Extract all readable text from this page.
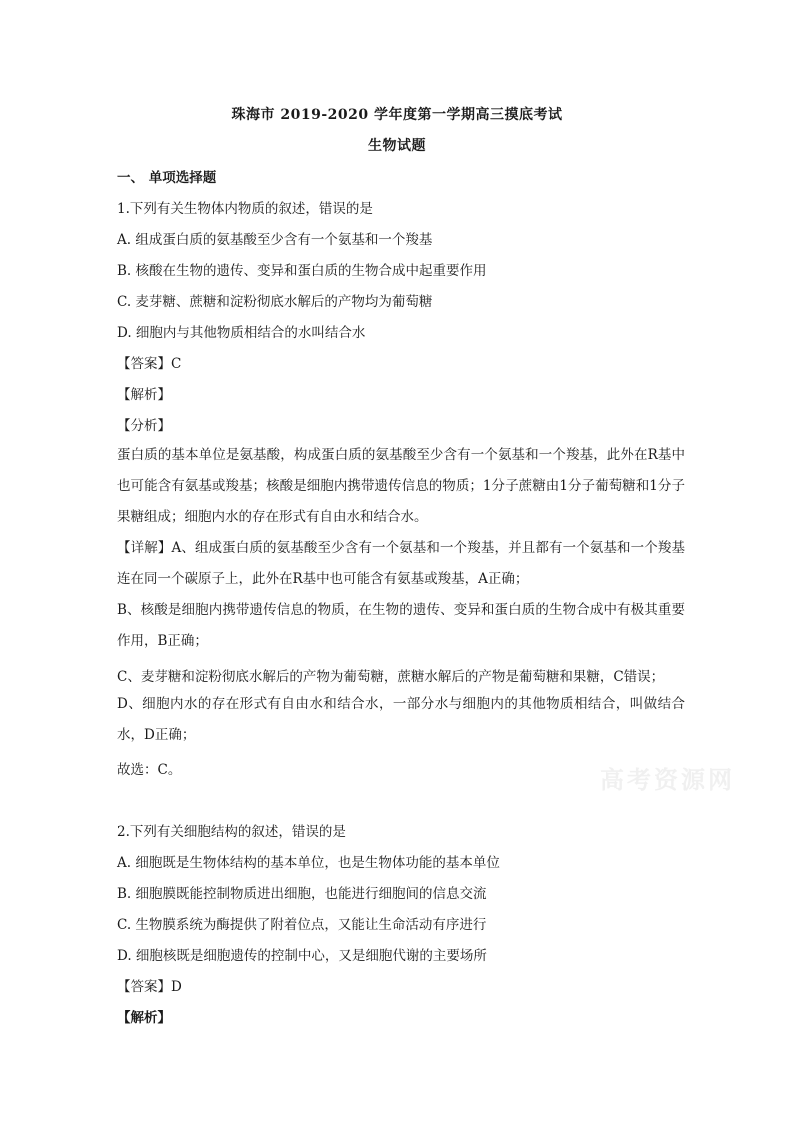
珠海市 2019-2020 学年度第一学期高三摸底考试
生物试题
一、 单项选择题
1.下列有关生物体内物质的叙述，错误的是
A. 组成蛋白质的氨基酸至少含有一个氨基和一个羧基
B. 核酸在生物的遗传、变异和蛋白质的生物合成中起重要作用
C. 麦芽糖、蔗糖和淀粉彻底水解后的产物均为葡萄糖
D. 细胞内与其他物质相结合的水叫结合水
【答案】C
【解析】
【分析】
蛋白质的基本单位是氨基酸，构成蛋白质的氨基酸至少含有一个氨基和一个羧基，此外在R基中也可能含有氨基或羧基；核酸是细胞内携带遗传信息的物质；1分子蔗糖由1分子葡萄糖和1分子果糖组成；细胞内水的存在形式有自由水和结合水。
【详解】A、组成蛋白质的氨基酸至少含有一个氨基和一个羧基，并且都有一个氨基和一个羧基连在同一个碳原子上，此外在R基中也可能含有氨基或羧基，A正确；
B、核酸是细胞内携带遗传信息的物质，在生物的遗传、变异和蛋白质的生物合成中有极其重要作用，B正确；
C、麦芽糖和淀粉彻底水解后的产物为葡萄糖，蔗糖水解后的产物是葡萄糖和果糖，C错误；
D、细胞内水的存在形式有自由水和结合水，一部分水与细胞内的其他物质相结合，叫做结合水，D正确；
故选：C。
2.下列有关细胞结构的叙述，错误的是
A. 细胞既是生物体结构的基本单位，也是生物体功能的基本单位
B. 细胞膜既能控制物质进出细胞，也能进行细胞间的信息交流
C. 生物膜系统为酶提供了附着位点，又能让生命活动有序进行
D. 细胞核既是细胞遗传的控制中心，又是细胞代谢的主要场所
【答案】D
【解析】
高考资源网
